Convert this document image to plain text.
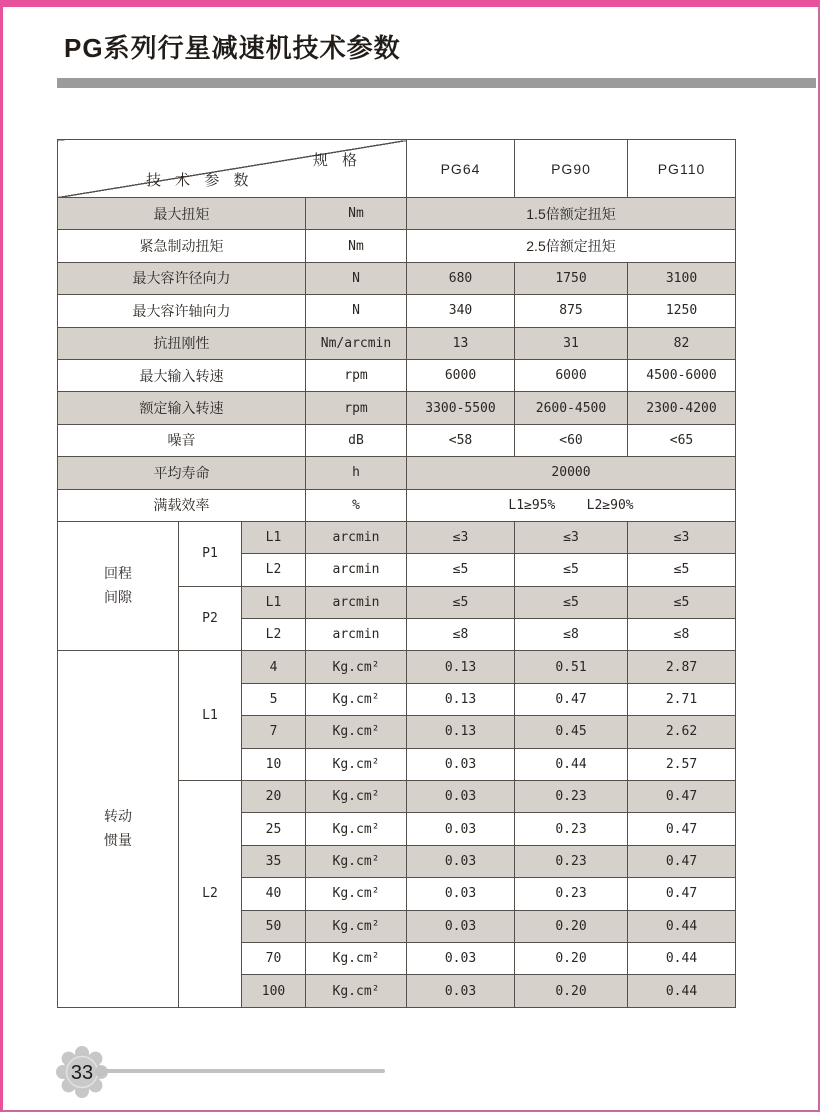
PG系列行星减速机技术参数
规 格
技 术 参 数				PG64	PG90	PG110
最大扭矩			Nm	1.5倍额定扭矩		
紧急制动扭矩			Nm	2.5倍额定扭矩		
最大容许径向力			N	680	1750	3100
最大容许轴向力			N	340	875	1250
抗扭刚性			Nm/arcmin	13	31	82
最大输入转速			rpm	6000	6000	4500-6000
额定输入转速			rpm	3300-5500	2600-4500	2300-4200
噪音			dB	<58	<60	<65
平均寿命			h	20000		
满载效率			%	L1≥95%    L2≥90%		

回程
间隙	P1	L1	arcmin	≤3	≤3	≤3
		L2	arcmin	≤5	≤5	≤5
	P2	L1	arcmin	≤5	≤5	≤5
		L2	arcmin	≤8	≤8	≤8

转动
惯量	L1	4	Kg.cm²	0.13	0.51	2.87
		5	Kg.cm²	0.13	0.47	2.71
		7	Kg.cm²	0.13	0.45	2.62
		10	Kg.cm²	0.03	0.44	2.57
	L2	20	Kg.cm²	0.03	0.23	0.47
		25	Kg.cm²	0.03	0.23	0.47
		35	Kg.cm²	0.03	0.23	0.47
		40	Kg.cm²	0.03	0.23	0.47
		50	Kg.cm²	0.03	0.20	0.44
		70	Kg.cm²	0.03	0.20	0.44
		100	Kg.cm²	0.03	0.20	0.44
33
